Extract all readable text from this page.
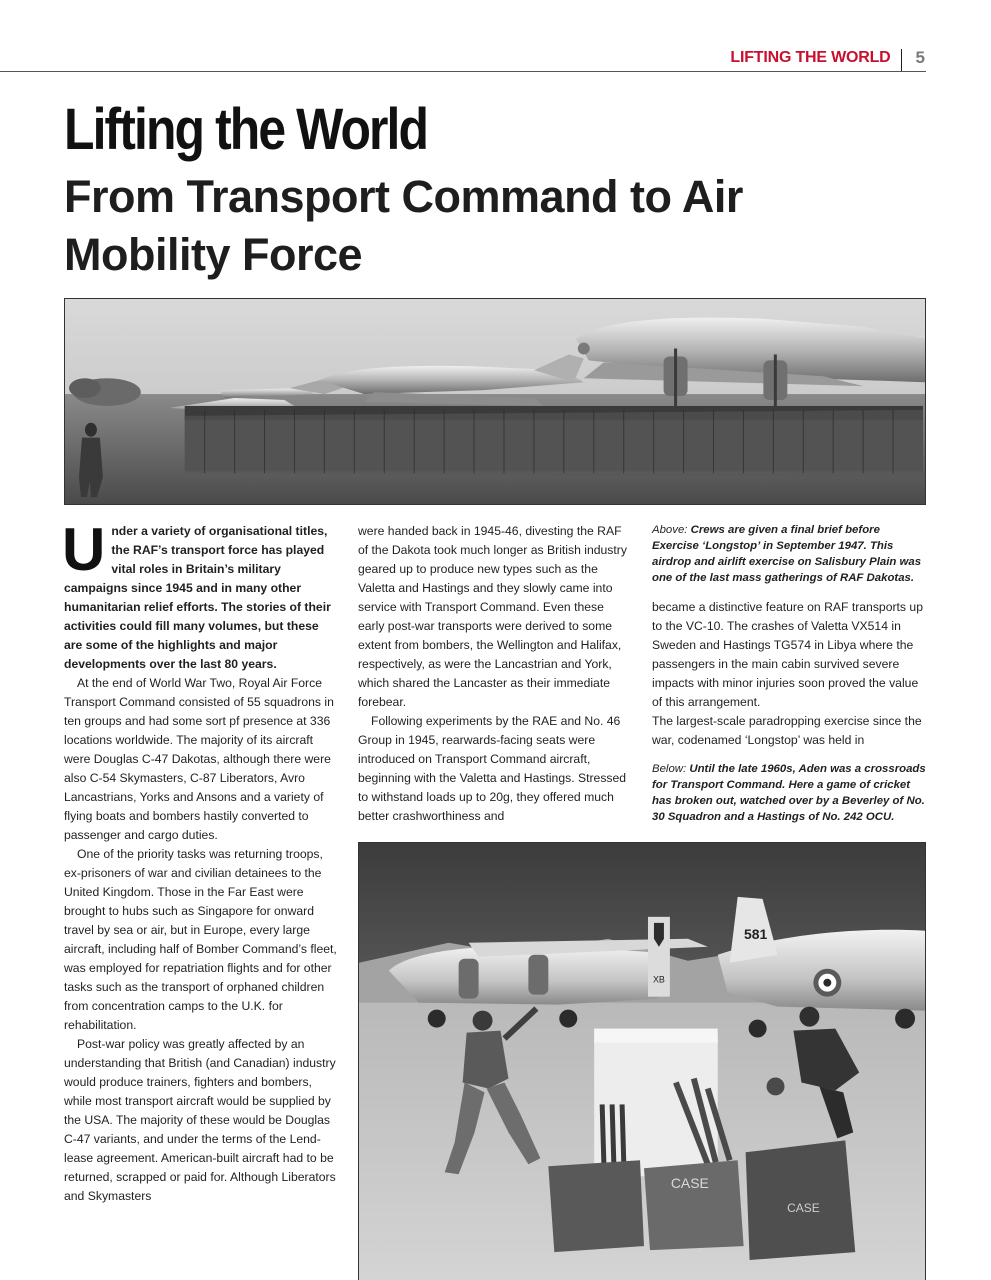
LIFTING THE WORLD 5
Lifting the World
From Transport Command to Air Mobility Force

Under a variety of organisational titles, the RAF’s transport force has played vital roles in Britain’s military campaigns since 1945 and in many other humanitarian relief efforts. The stories of their activities could fill many volumes, but these are some of the highlights and major developments over the last 80 years.

At the end of World War Two, Royal Air Force Transport Command consisted of 55 squadrons in ten groups and had some sort pf presence at 336 locations worldwide. The majority of its aircraft were Douglas C-47 Dakotas, although there were also C-54 Skymasters, C-87 Liberators, Avro Lancastrians, Yorks and Ansons and a variety of flying boats and bombers hastily converted to passenger and cargo duties.

One of the priority tasks was returning troops, ex-prisoners of war and civilian detainees to the United Kingdom. Those in the Far East were brought to hubs such as Singapore for onward travel by sea or air, but in Europe, every large aircraft, including half of Bomber Command’s fleet, was employed for repatriation flights and for other tasks such as the transport of orphaned children from concentration camps to the U.K. for rehabilitation.

Post-war policy was greatly affected by an understanding that British (and Canadian) industry would produce trainers, fighters and bombers, while most transport aircraft would be supplied by the USA. The majority of these would be Douglas C-47 variants, and under the terms of the Lend-lease agreement. American-built aircraft had to be returned, scrapped or paid for. Although Liberators and Skymasters

were handed back in 1945-46, divesting the RAF of the Dakota took much longer as British industry geared up to produce new types such as the Valetta and Hastings and they slowly came into service with Transport Command. Even these early post-war transports were derived to some extent from bombers, the Wellington and Halifax, respectively, as were the Lancastrian and York, which shared the Lancaster as their immediate forebear.

Following experiments by the RAE and No. 46 Group in 1945, rearwards-facing seats were introduced on Transport Command aircraft, beginning with the Valetta and Hastings. Stressed to withstand loads up to 20g, they offered much better crashworthiness and

Above: Crews are given a final brief before Exercise ‘Longstop’ in September 1947. This airdrop and airlift exercise on Salisbury Plain was one of the last mass gatherings of RAF Dakotas.

became a distinctive feature on RAF transports up to the VC-10. The crashes of Valetta VX514 in Sweden and Hastings TG574 in Libya where the passengers in the main cabin survived severe impacts with minor injuries soon proved the value of this arrangement.

The largest-scale paradropping exercise since the war, codenamed ‘Longstop’ was held in

Below: Until the late 1960s, Aden was a crossroads for Transport Command. Here a game of cricket has broken out, watched over by a Beverley of No. 30 Squadron and a Hastings of No. 242 OCU.
XB
581
CASE
CASE
